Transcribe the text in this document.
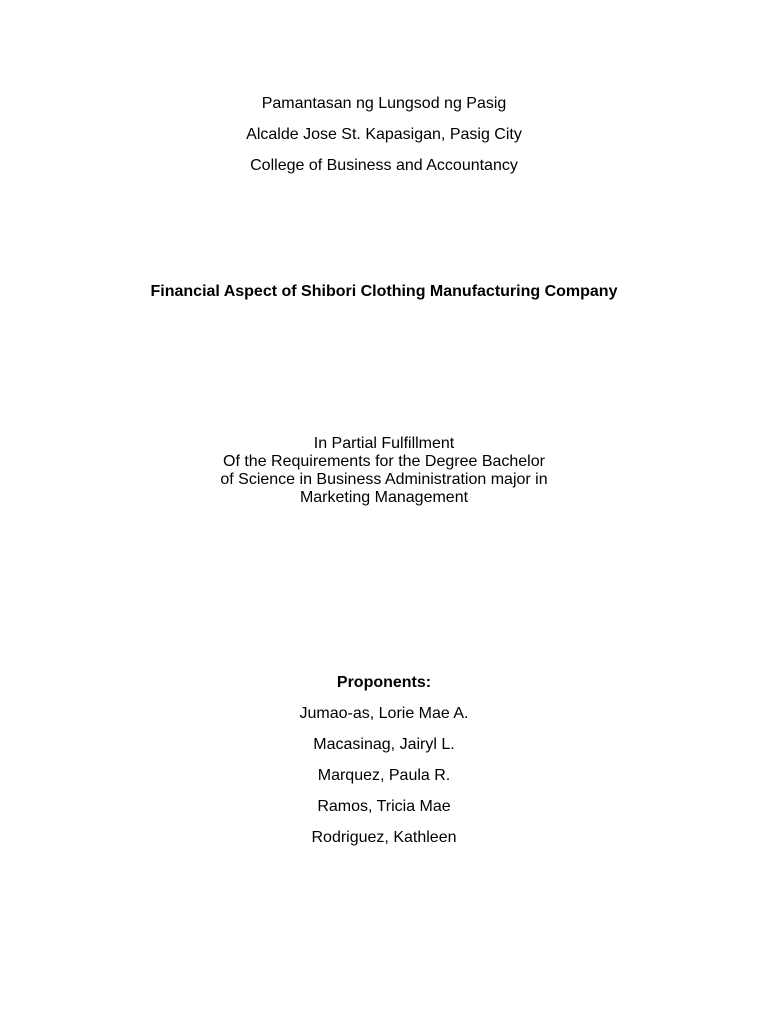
Pamantasan ng Lungsod ng Pasig
Alcalde Jose St. Kapasigan, Pasig City
College of Business and Accountancy
Financial Aspect of Shibori Clothing Manufacturing Company
In Partial Fulfillment
Of the Requirements for the Degree Bachelor
of Science in Business Administration major in
Marketing Management
Proponents:
Jumao-as, Lorie Mae A.
Macasinag, Jairyl L.
Marquez, Paula R.
Ramos, Tricia Mae
Rodriguez, Kathleen
